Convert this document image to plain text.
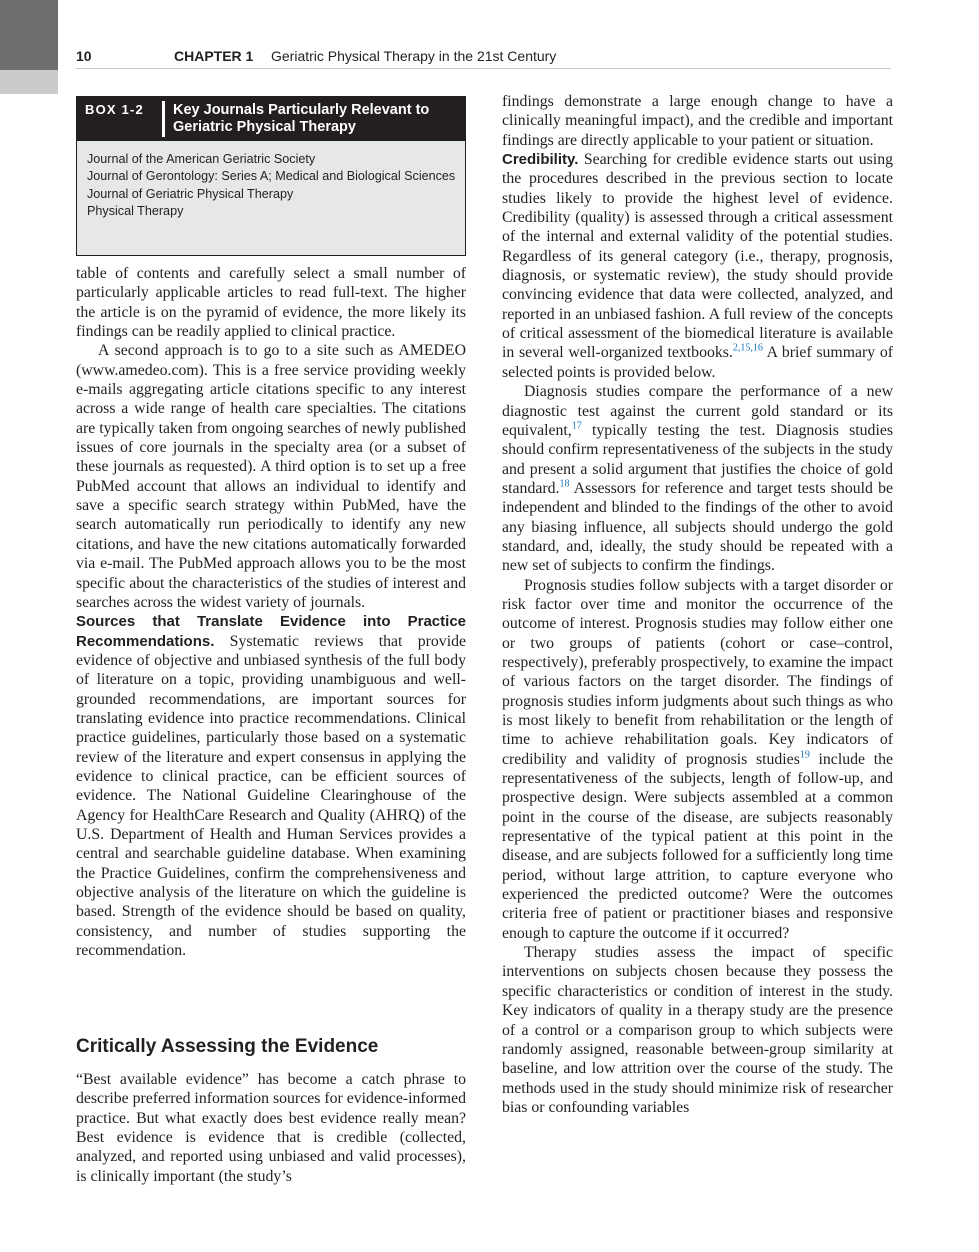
10	CHAPTER 1 Geriatric Physical Therapy in the 21st Century
BOX 1-2 Key Journals Particularly Relevant to Geriatric Physical Therapy
Journal of the American Geriatric Society
Journal of Gerontology: Series A; Medical and Biological Sciences
Journal of Geriatric Physical Therapy
Physical Therapy

table of contents and carefully select a small number of particularly applicable articles to read full-text. The higher the article is on the pyramid of evidence, the more likely its findings can be readily applied to clinical practice.

A second approach is to go to a site such as AMEDEO (www.amedeo.com). This is a free service providing weekly e-mails aggregating article citations specific to any interest across a wide range of health care specialties. The citations are typically taken from ongoing searches of newly published issues of core journals in the specialty area (or a subset of these journals as requested). A third option is to set up a free PubMed account that allows an individual to identify and save a specific search strategy within PubMed, have the search automatically run periodically to identify any new citations, and have the new citations automatically forwarded via e-mail. The PubMed approach allows you to be the most specific about the characteristics of the studies of interest and searches across the widest variety of journals.

Sources that Translate Evidence into Practice Recommendations. Systematic reviews that provide evidence of objective and unbiased synthesis of the full body of literature on a topic, providing unambiguous and well-grounded recommendations, are important sources for translating evidence into practice recommendations. Clinical practice guidelines, particularly those based on a systematic review of the literature and expert consensus in applying the evidence to clinical practice, can be efficient sources of evidence. The National Guideline Clearinghouse of the Agency for HealthCare Research and Quality (AHRQ) of the U.S. Department of Health and Human Services provides a central and searchable guideline database. When examining the Practice Guidelines, confirm the comprehensiveness and objective analysis of the literature on which the guideline is based. Strength of the evidence should be based on quality, consistency, and number of studies supporting the recommendation.

Critically Assessing the Evidence

“Best available evidence” has become a catch phrase to describe preferred information sources for evidence-informed practice. But what exactly does best evidence really mean? Best evidence is evidence that is credible (collected, analyzed, and reported using unbiased and valid processes), is clinically important (the study’s

findings demonstrate a large enough change to have a clinically meaningful impact), and the credible and important findings are directly applicable to your patient or situation.

Credibility. Searching for credible evidence starts out using the procedures described in the previous section to locate studies likely to provide the highest level of evidence. Credibility (quality) is assessed through a critical assessment of the internal and external validity of the potential studies. Regardless of its general category (i.e., therapy, prognosis, diagnosis, or systematic review), the study should provide convincing evidence that data were collected, analyzed, and reported in an unbiased fashion. A full review of the concepts of critical assessment of the biomedical literature is available in several well-organized textbooks.$^{2,15,16}$ A brief summary of selected points is provided below.

Diagnosis studies compare the performance of a new diagnostic test against the current gold standard or its equivalent,$^{17}$ typically testing the test. Diagnosis studies should confirm representativeness of the subjects in the study and present a solid argument that justifies the choice of gold standard.$^{18}$ Assessors for reference and target tests should be independent and blinded to the findings of the other to avoid any biasing influence, all subjects should undergo the gold standard, and, ideally, the study should be repeated with a new set of subjects to confirm the findings.

Prognosis studies follow subjects with a target disorder or risk factor over time and monitor the occurrence of the outcome of interest. Prognosis studies may follow either one or two groups of patients (cohort or case–control, respectively), preferably prospectively, to examine the impact of various factors on the target disorder. The findings of prognosis studies inform judgments about such things as who is most likely to benefit from rehabilitation or the length of time to achieve rehabilitation goals. Key indicators of credibility and validity of prognosis studies$^{19}$ include the representativeness of the subjects, length of follow-up, and prospective design. Were subjects assembled at a common point in the course of the disease, are subjects reasonably representative of the typical patient at this point in the disease, and are subjects followed for a sufficiently long time period, without large attrition, to capture everyone who experienced the predicted outcome? Were the outcomes criteria free of patient or practitioner biases and responsive enough to capture the outcome if it occurred?

Therapy studies assess the impact of specific interventions on subjects chosen because they possess the specific characteristics or condition of interest in the study. Key indicators of quality in a therapy study are the presence of a control or a comparison group to which subjects were randomly assigned, reasonable between-group similarity at baseline, and low attrition over the course of the study. The methods used in the study should minimize risk of researcher bias or confounding variables
